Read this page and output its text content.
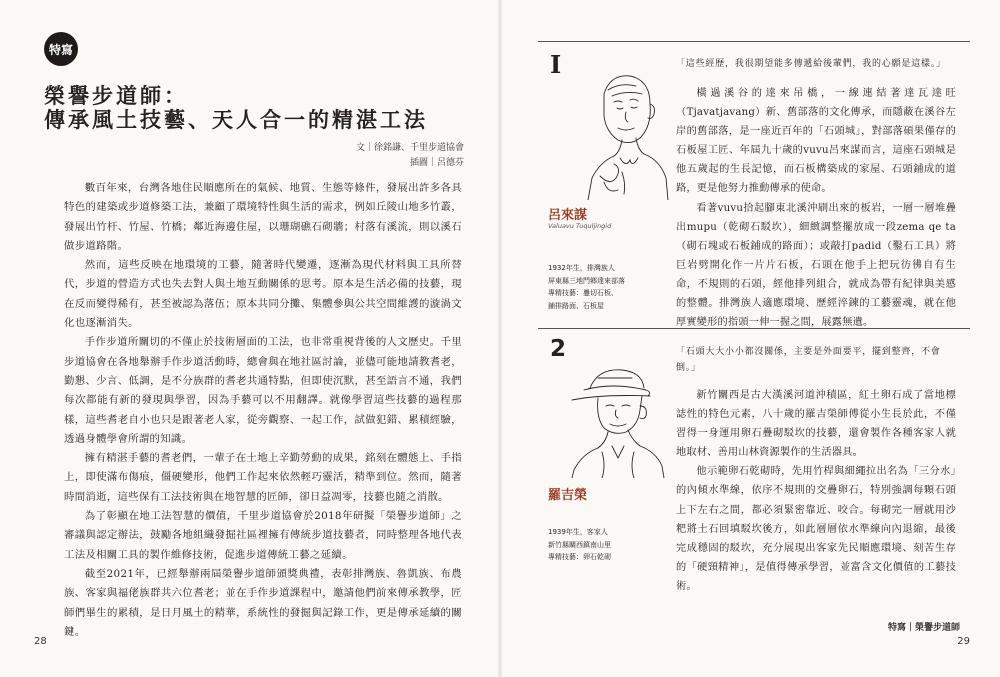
特寫
榮譽步道師：
傳承風土技藝、天人合一的精湛工法
文｜徐銘謙、千里步道協會
插圖｜呂德芬

數百年來，台灣各地住民順應所在的氣候、地質、生態等條件，發展出許多各具特色的建築或步道修築工法，兼顧了環境特性與生活的需求，例如丘陵山地多竹叢，發展出竹杆、竹屋、竹橋；鄰近海邊住屋，以珊瑚礁石砌牆；村落有溪流，則以溪石做步道路階。

然而，這些反映在地環境的工藝，隨著時代變遷，逐漸為現代材料與工具所替代，步道的營造方式也失去對人與土地互動關係的思考。原本是生活必備的技藝，現在反而變得稀有，甚至被認為落伍；原本共同分攤、集體參與公共空間維護的漩渦文化也逐漸消失。

手作步道所關切的不僅止於技術層面的工法，也非常重視背後的人文歷史。千里步道協會在各地舉辦手作步道活動時，總會與在地社區討論，並儘可能地請教耆老，勤懇、少言、低調，是不分族群的耆老共通特點，但即使沉默，甚至語言不通，我們每次都能有新的發現與學習，因為手藝可以不用翻譯。就像學習這些技藝的過程那樣，這些耆老自小也只是跟著老人家，從旁觀察、一起工作，試做犯錯、累積經驗，透過身體學會所謂的知識。

擁有精湛手藝的耆老們，一輩子在土地上辛勤勞動的成果，銘刻在體態上、手指上，即使滿布傷痕，僵硬變形，他們工作起來依然輕巧靈活，精準到位。然而，隨著時間消逝，這些保有工法技術與在地智慧的匠師，卻日益凋零，技藝也隨之消散。

為了彰顯在地工法智慧的價值，千里步道協會於2018年研擬「榮譽步道師」之審議與認定辦法，鼓勵各地組織發掘社區裡擁有傳統步道技藝者，同時整理各地代表工法及相關工具的製作維修技術，促進步道傳統工藝之延續。

截至2021年，已經舉辦兩屆榮譽步道師頒獎典禮，表彰排灣族、魯凱族、布農族、客家與福佬族群共六位耆老；並在手作步道課程中，邀請他們前來傳承教學，匠師們畢生的累積，是日月風土的精華，系統性的發掘與記錄工作，更是傳承延續的關鍵。

28
I
呂來謀
Valuavu Tuquljingid
1932年生，排灣族人
屏東縣三地門鄉達來部落
專精技藝：疊切石板、
鋪排路面、石板屋
「這些經歷，我很期望能多傳遞給後輩們，我的心願是這樣。」

橫過溪谷的達來吊橋，一線連結著達瓦達旺（Tjavatjavang）新、舊部落的文化傳承，而隱蔽在溪谷左岸的舊部落，是一座近百年的「石頭城」，對部落碩果僅存的石板屋工匠、年屆九十歲的vuvu呂來謀而言，這座石頭城是他五歲起的生長記憶，而石板構築成的家屋、石頭鋪成的道路，更是他努力推動傳承的使命。

看著vuvu拾起腳東北溪沖刷出來的板岩，一層一層堆疊出mupu（乾砌石駁坎），細緻調整擺放成一段zema qe ta（砌石塊或石板鋪成的路面）；或敲打padid（鑿石工具）將巨岩劈開化作一片片石板，石頭在他手上把玩彷彿自有生命，不規則的石頭，經他排列組合，就成為帶有紀律與美感的整體。排灣族人適應環境、歷經淬鍊的工藝靈魂，就在他厚實變形的指頭一伸一握之間，展露無遺。

2
羅吉榮
1939年生，客家人
新竹縣關西鎮南山里
專精技藝：卵石乾砌
「石頭大大小小都沒關係，主要是外面要平，擺到整齊，不會倒。」

新竹關西是古大漢溪河道沖積區，紅土卵石成了當地標誌性的特色元素，八十歲的羅吉榮師傅從小生長於此，不僅習得一身運用卵石疊砌駁坎的技藝，還會製作各種客家人就地取材、善用山林資源製作的生活器具。

他示範卵石乾砌時，先用竹桿與細繩拉出名為「三分水」的內傾水準線，依序不規則的交疊卵石，特別強調每顆石頭上下左右之間，都必須緊密靠近、咬合。每砌完一層就用沙粑將土石回填駁坎後方，如此層層依水準線向內退縮，最後完成穩固的駁坎，充分展現出客家先民順應環境、刻苦生存的「硬頸精神」，是值得傳承學習，並富含文化價值的工藝技術。

特寫｜榮譽步道師
29
